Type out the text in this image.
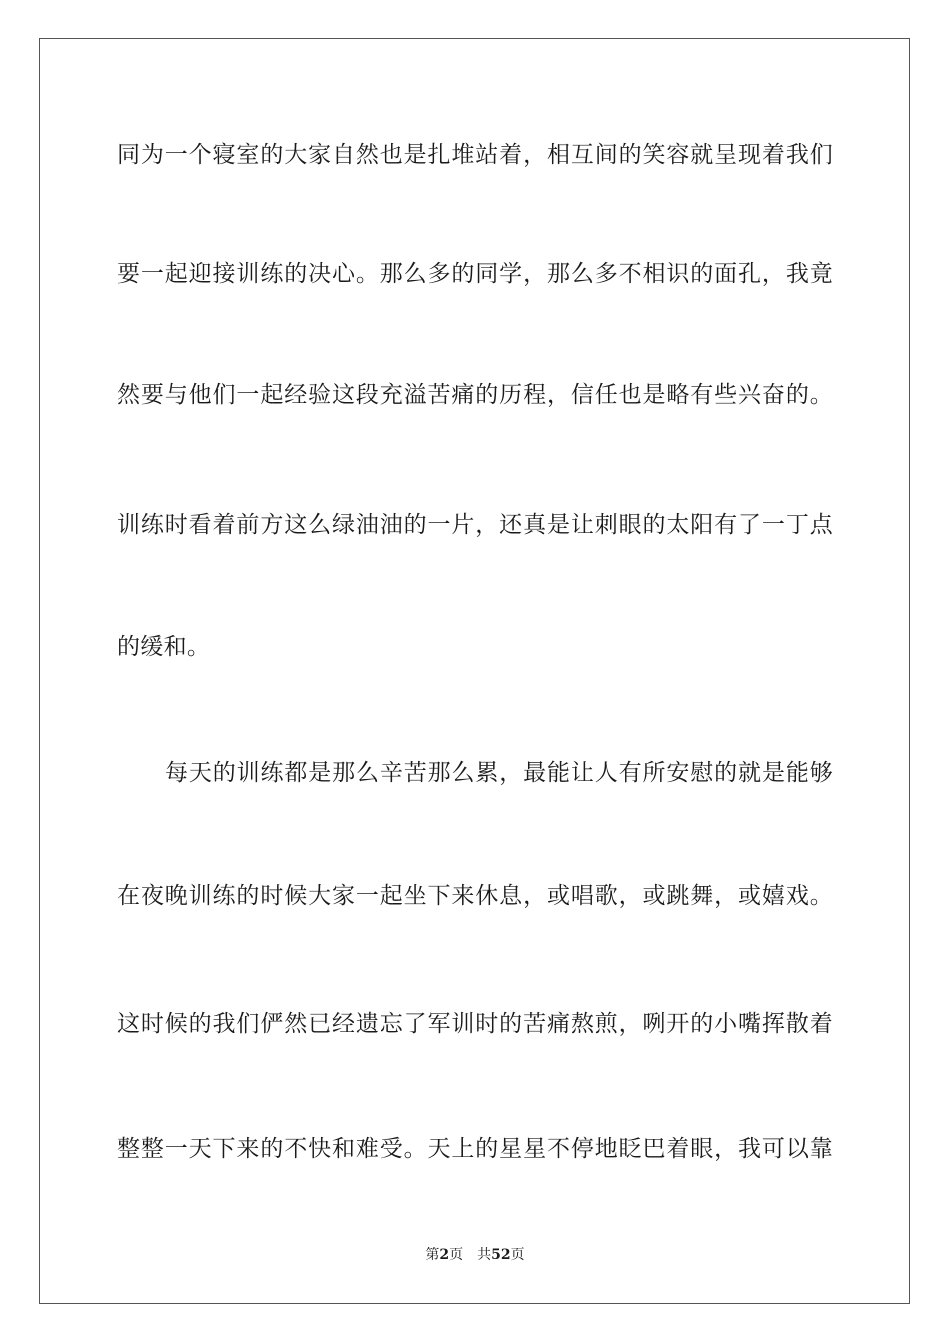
同为一个寝室的大家自然也是扎堆站着，相互间的笑容就呈现着我们
要一起迎接训练的决心。那么多的同学，那么多不相识的面孔，我竟
然要与他们一起经验这段充溢苦痛的历程，信任也是略有些兴奋的。
训练时看着前方这么绿油油的一片，还真是让刺眼的太阳有了一丁点
的缓和。
每天的训练都是那么辛苦那么累，最能让人有所安慰的就是能够
在夜晚训练的时候大家一起坐下来休息，或唱歌，或跳舞，或嬉戏。
这时候的我们俨然已经遗忘了军训时的苦痛熬煎，咧开的小嘴挥散着
整整一天下来的不快和难受。天上的星星不停地眨巴着眼，我可以靠
第2页 共52页
